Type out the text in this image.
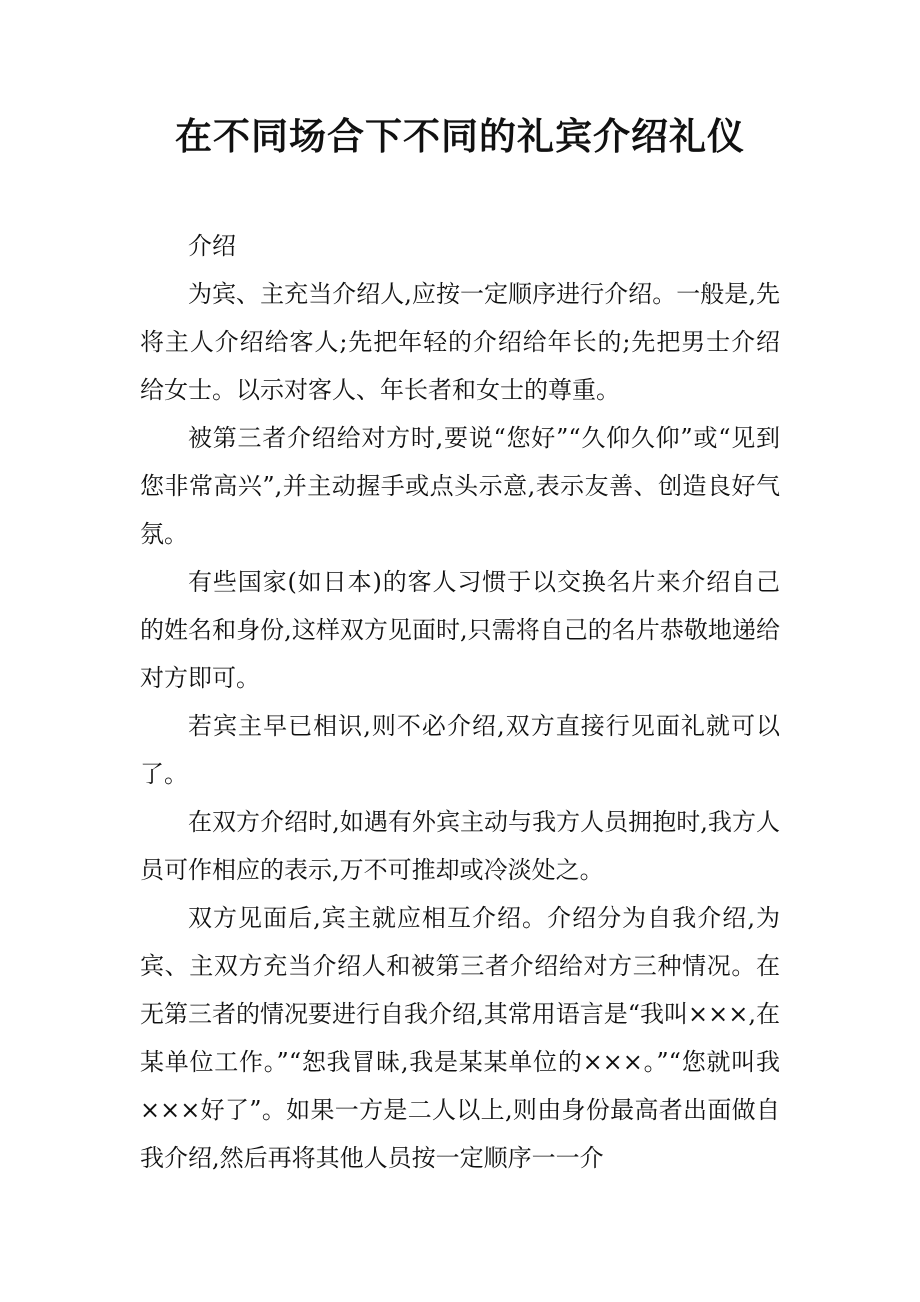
在不同场合下不同的礼宾介绍礼仪

介绍

为宾、主充当介绍人,应按一定顺序进行介绍。一般是,先将主人介绍给客人;先把年轻的介绍给年长的;先把男士介绍给女士。以示对客人、年长者和女士的尊重。

被第三者介绍给对方时,要说“您好”“久仰久仰”或“见到您非常高兴”,并主动握手或点头示意,表示友善、创造良好气氛。

有些国家(如日本)的客人习惯于以交换名片来介绍自己的姓名和身份,这样双方见面时,只需将自己的名片恭敬地递给对方即可。

若宾主早已相识,则不必介绍,双方直接行见面礼就可以了。

在双方介绍时,如遇有外宾主动与我方人员拥抱时,我方人员可作相应的表示,万不可推却或冷淡处之。

双方见面后,宾主就应相互介绍。介绍分为自我介绍,为宾、主双方充当介绍人和被第三者介绍给对方三种情况。在无第三者的情况要进行自我介绍,其常用语言是“我叫×××,在某单位工作。”“恕我冒昧,我是某某单位的×××。”“您就叫我×××好了”。如果一方是二人以上,则由身份最高者出面做自我介绍,然后再将其他人员按一定顺序一一介
